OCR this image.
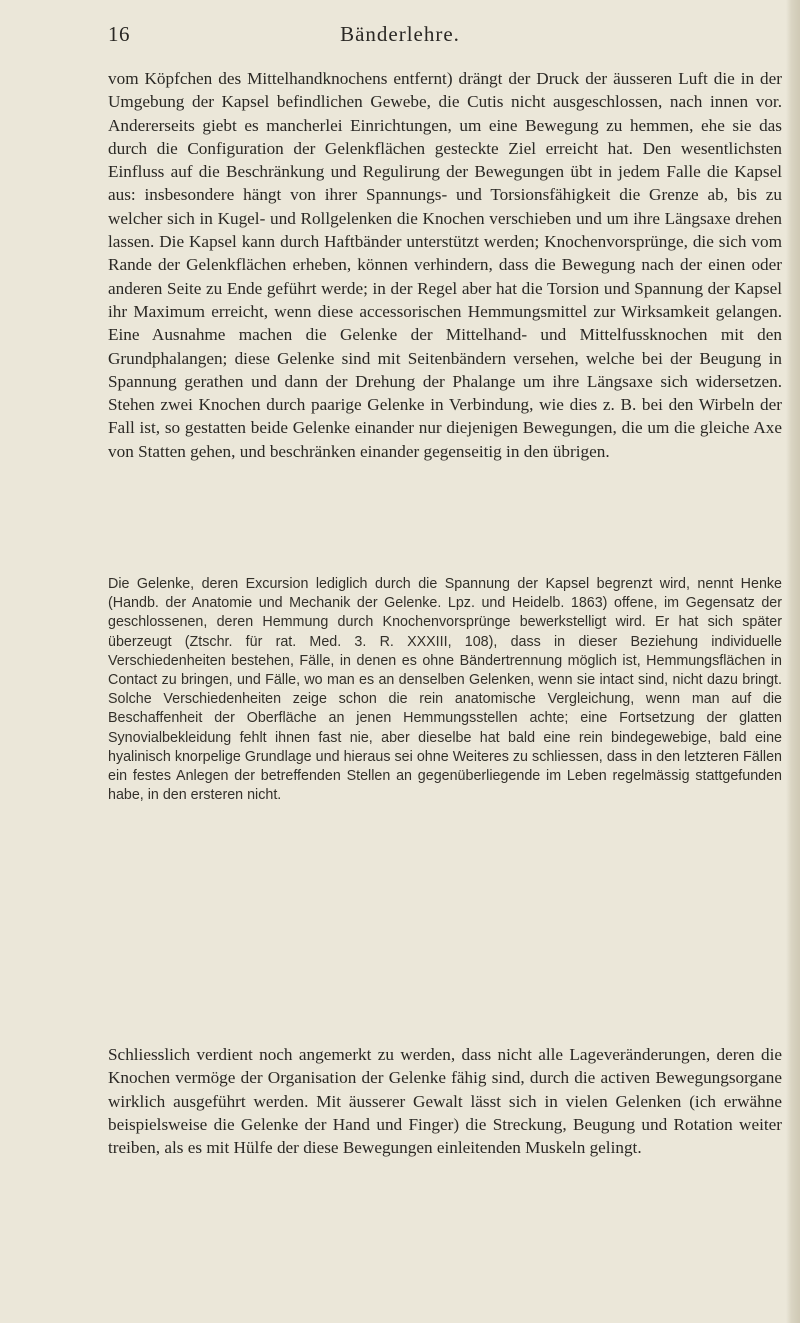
Bänderlehre.
16

vom Köpfchen des Mittelhandknochens entfernt) drängt der Druck der äusseren Luft die in der Umgebung der Kapsel befindlichen Gewebe, die Cutis nicht ausgeschlossen, nach innen vor. Andererseits giebt es mancherlei Einrichtungen, um eine Bewegung zu hemmen, ehe sie das durch die Configuration der Gelenkflächen gesteckte Ziel erreicht hat. Den wesentlichsten Einfluss auf die Beschränkung und Regulirung der Bewegungen übt in jedem Falle die Kapsel aus: insbesondere hängt von ihrer Spannungs- und Torsionsfähigkeit die Grenze ab, bis zu welcher sich in Kugel- und Rollgelenken die Knochen verschieben und um ihre Längsaxe drehen lassen. Die Kapsel kann durch Haftbänder unterstützt werden; Knochenvorsprünge, die sich vom Rande der Gelenkflächen erheben, können verhindern, dass die Bewegung nach der einen oder anderen Seite zu Ende geführt werde; in der Regel aber hat die Torsion und Spannung der Kapsel ihr Maximum erreicht, wenn diese accessorischen Hemmungsmittel zur Wirksamkeit gelangen. Eine Ausnahme machen die Gelenke der Mittelhand- und Mittelfussknochen mit den Grundphalangen; diese Gelenke sind mit Seitenbändern versehen, welche bei der Beugung in Spannung gerathen und dann der Drehung der Phalange um ihre Längsaxe sich widersetzen. Stehen zwei Knochen durch paarige Gelenke in Verbindung, wie dies z. B. bei den Wirbeln der Fall ist, so gestatten beide Gelenke einander nur diejenigen Bewegungen, die um die gleiche Axe von Statten gehen, und beschränken einander gegenseitig in den übrigen.

Die Gelenke, deren Excursion lediglich durch die Spannung der Kapsel begrenzt wird, nennt Henke (Handb. der Anatomie und Mechanik der Gelenke. Lpz. und Heidelb. 1863) offene, im Gegensatz der geschlossenen, deren Hemmung durch Knochenvorsprünge bewerkstelligt wird. Er hat sich später überzeugt (Ztschr. für rat. Med. 3. R. XXXIII, 108), dass in dieser Beziehung individuelle Verschiedenheiten bestehen, Fälle, in denen es ohne Bändertrennung möglich ist, Hemmungsflächen in Contact zu bringen, und Fälle, wo man es an denselben Gelenken, wenn sie intact sind, nicht dazu bringt. Solche Verschiedenheiten zeige schon die rein anatomische Vergleichung, wenn man auf die Beschaffenheit der Oberfläche an jenen Hemmungsstellen achte; eine Fortsetzung der glatten Synovialbekleidung fehlt ihnen fast nie, aber dieselbe hat bald eine rein bindegewebige, bald eine hyalinisch knorpelige Grundlage und hieraus sei ohne Weiteres zu schliessen, dass in den letzteren Fällen ein festes Anlegen der betreffenden Stellen an gegenüberliegende im Leben regelmässig stattgefunden habe, in den ersteren nicht.

Schliesslich verdient noch angemerkt zu werden, dass nicht alle Lageveränderungen, deren die Knochen vermöge der Organisation der Gelenke fähig sind, durch die activen Bewegungsorgane wirklich ausgeführt werden. Mit äusserer Gewalt lässt sich in vielen Gelenken (ich erwähne beispielsweise die Gelenke der Hand und Finger) die Streckung, Beugung und Rotation weiter treiben, als es mit Hülfe der diese Bewegungen einleitenden Muskeln gelingt.
